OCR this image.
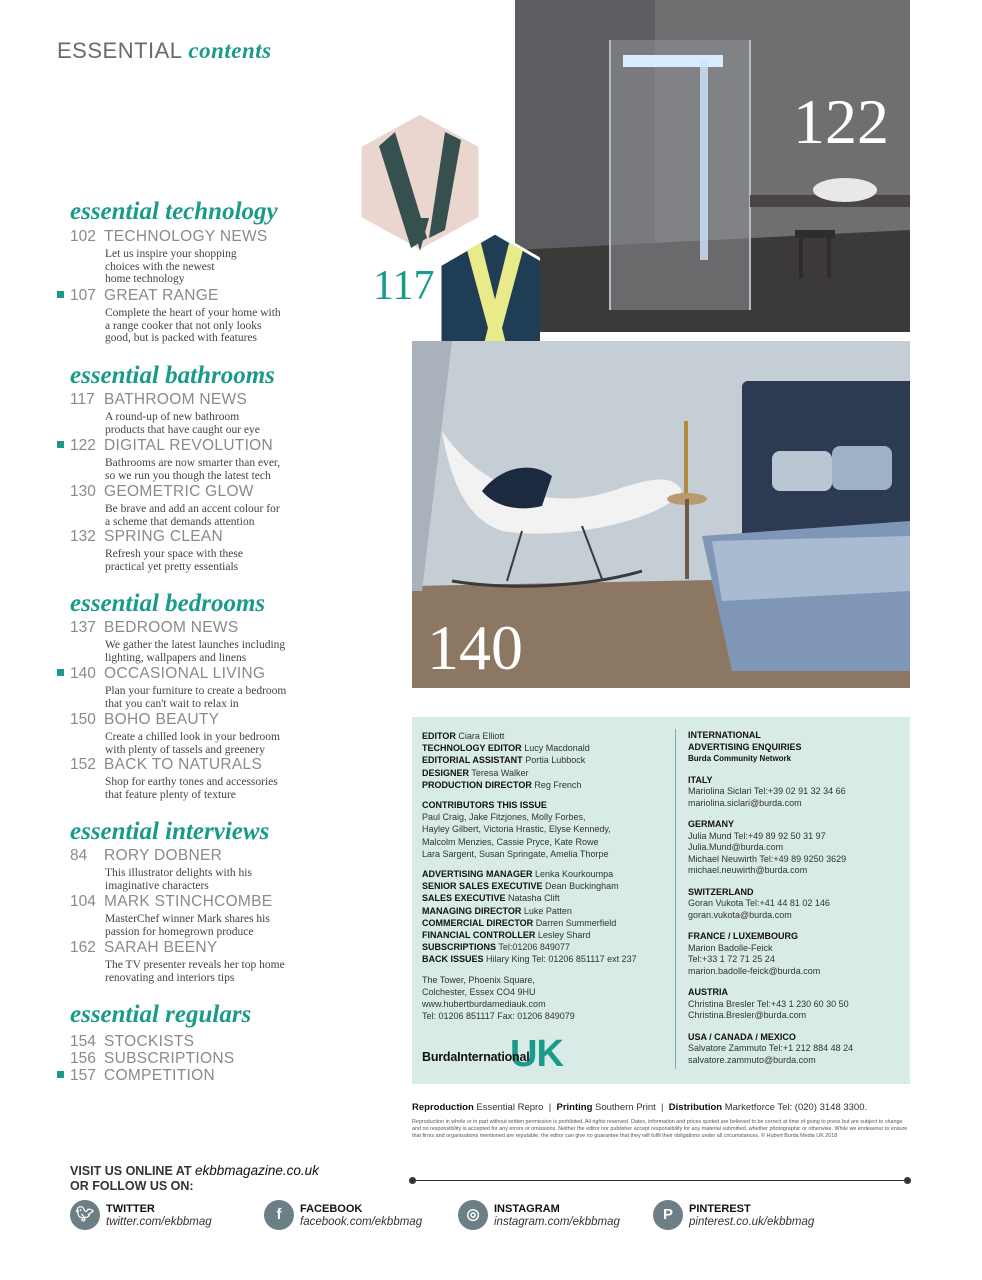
ESSENTIAL contents
essential technology
102 TECHNOLOGY NEWS
Let us inspire your shopping
choices with the newest
home technology
107 GREAT RANGE
Complete the heart of your home with
a range cooker that not only looks
good, but is packed with features
essential bathrooms
117 BATHROOM NEWS
A round-up of new bathroom
products that have caught our eye
122 DIGITAL REVOLUTION
Bathrooms are now smarter than ever,
so we run you though the latest tech
130 GEOMETRIC GLOW
Be brave and add an accent colour for
a scheme that demands attention
132 SPRING CLEAN
Refresh your space with these
practical yet pretty essentials
essential bedrooms
137 BEDROOM NEWS
We gather the latest launches including
lighting, wallpapers and linens
140 OCCASIONAL LIVING
Plan your furniture to create a bedroom
that you can't wait to relax in
150 BOHO BEAUTY
Create a chilled look in your bedroom
with plenty of tassels and greenery
152 BACK TO NATURALS
Shop for earthy tones and accessories
that feature plenty of texture
essential interviews
84 RORY DOBNER
This illustrator delights with his
imaginative characters
104 MARK STINCHCOMBE
MasterChef winner Mark shares his
passion for homegrown produce
162 SARAH BEENY
The TV presenter reveals her top home
renovating and interiors tips
essential regulars
154 STOCKISTS
156 SUBSCRIPTIONS
157 COMPETITION
122
117
140
EDITOR Ciara Elliott
TECHNOLOGY EDITOR Lucy Macdonald
EDITORIAL ASSISTANT Portia Lubbock
DESIGNER Teresa Walker
PRODUCTION DIRECTOR Reg French
CONTRIBUTORS THIS ISSUE
Paul Craig, Jake Fitzjones, Molly Forbes,
Hayley Gilbert, Victoria Hrastic, Elyse Kennedy,
Malcolm Menzies, Cassie Pryce, Kate Rowe
Lara Sargent, Susan Springate, Amelia Thorpe
ADVERTISING MANAGER Lenka Kourkoumpa
SENIOR SALES EXECUTIVE Dean Buckingham
SALES EXECUTIVE Natasha Clift
MANAGING DIRECTOR Luke Patten
COMMERCIAL DIRECTOR Darren Summerfield
FINANCIAL CONTROLLER Lesley Shard
SUBSCRIPTIONS Tel:01206 849077
BACK ISSUES Hilary King Tel: 01206 851117 ext 237
The Tower, Phoenix Square,
Colchester, Essex CO4 9HU
www.hubertburdamediauk.com
Tel: 01206 851117 Fax: 01206 849079
INTERNATIONAL
ADVERTISING ENQUIRIES
Burda Community Network
ITALY
Mariolina Siclari Tel:+39 02 91 32 34 66
mariolina.siclari@burda.com
GERMANY
Julia Mund Tel:+49 89 92 50 31 97
Julia.Mund@burda.com
Michael Neuwirth Tel:+49 89 9250 3629
michael.neuwirth@burda.com
SWITZERLAND
Goran Vukota Tel:+41 44 81 02 146
goran.vukota@burda.com
FRANCE / LUXEMBOURG
Marion Badolle-Feick
Tel:+33 1 72 71 25 24
marion.badolle-feick@burda.com
AUSTRIA
Christina Bresler Tel:+43 1 230 60 30 50
Christina.Bresler@burda.com
USA / CANADA / MEXICO
Salvatore Zammuto Tel:+1 212 884 48 24
salvatore.zammuto@burda.com
UK
BurdaInternational
Reproduction Essential Repro  |  Printing Southern Print  |  Distribution Marketforce Tel: (020) 3148 3300.
Reproduction in whole or in part without written permission is prohibited. All rights reserved. Dates, information and prices quoted are believed to be correct at time of going to press but are subject to change and no responsibility is accepted for any errors or omissions. Neither the editor nor publisher accept responsibility for any material submitted, whether photographic or otherwise. While we endeavour to ensure that firms and organisations mentioned are reputable, the editor can give no guarantee that they will fulfil their obligations under all circumstances. © Hubert Burda Media UK 2018
VISIT US ONLINE AT ekbbmagazine.co.uk
OR FOLLOW US ON:
🐦︎	TWITTER
twitter.com/ekbbmag	f	FACEBOOK
facebook.com/ekbbmag	◎	INSTAGRAM
instagram.com/ekbbmag	P	PINTEREST
pinterest.co.uk/ekbbmag
